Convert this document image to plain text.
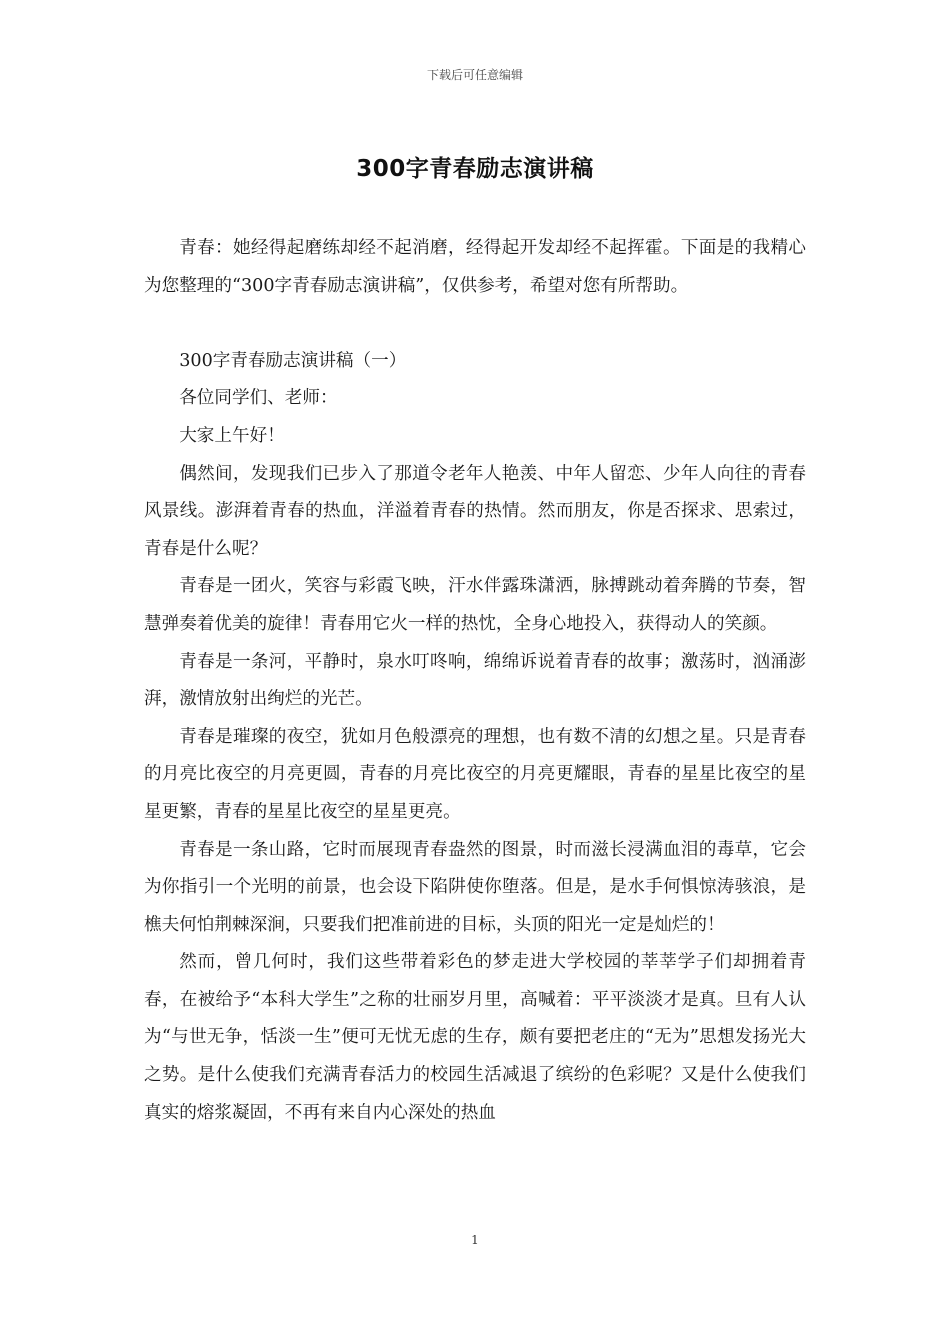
下载后可任意编辑
300字青春励志演讲稿

青春：她经得起磨练却经不起消磨，经得起开发却经不起挥霍。下面是的我精心为您整理的“300字青春励志演讲稿”，仅供参考，希望对您有所帮助。

300字青春励志演讲稿（一）

各位同学们、老师：

大家上午好！

偶然间，发现我们已步入了那道令老年人艳羡、中年人留恋、少年人向往的青春风景线。澎湃着青春的热血，洋溢着青春的热情。然而朋友，你是否探求、思索过，青春是什么呢？

青春是一团火，笑容与彩霞飞映，汗水伴露珠潇洒，脉搏跳动着奔腾的节奏，智慧弹奏着优美的旋律！青春用它火一样的热忱，全身心地投入，获得动人的笑颜。

青春是一条河，平静时，泉水叮咚响，绵绵诉说着青春的故事；激荡时，汹涌澎湃，激情放射出绚烂的光芒。

青春是璀璨的夜空，犹如月色般漂亮的理想，也有数不清的幻想之星。只是青春的月亮比夜空的月亮更圆，青春的月亮比夜空的月亮更耀眼，青春的星星比夜空的星星更繁，青春的星星比夜空的星星更亮。

青春是一条山路，它时而展现青春盎然的图景，时而滋长浸满血泪的毒草，它会为你指引一个光明的前景，也会设下陷阱使你堕落。但是，是水手何惧惊涛骇浪，是樵夫何怕荆棘深涧，只要我们把准前进的目标，头顶的阳光一定是灿烂的！

然而，曾几何时，我们这些带着彩色的梦走进大学校园的莘莘学子们却拥着青春，在被给予“本科大学生”之称的壮丽岁月里，高喊着：平平淡淡才是真。旦有人认为“与世无争，恬淡一生”便可无忧无虑的生存，颇有要把老庄的“无为”思想发扬光大之势。是什么使我们充满青春活力的校园生活减退了缤纷的色彩呢？又是什么使我们真实的熔浆凝固，不再有来自内心深处的热血

1
